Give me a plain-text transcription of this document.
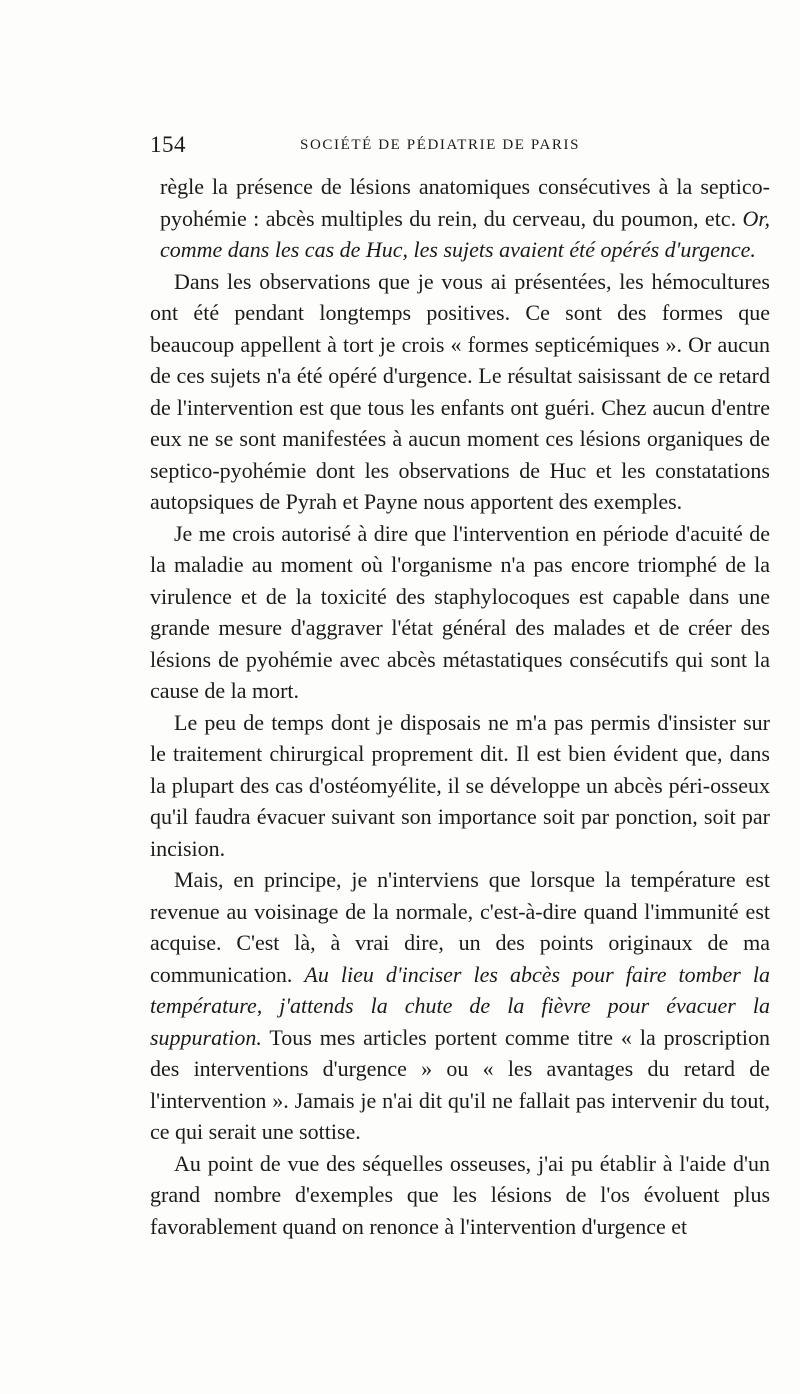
154	SOCIÉTÉ DE PÉDIATRIE DE PARIS

règle la présence de lésions anatomiques consécutives à la septico-pyohémie : abcès multiples du rein, du cerveau, du poumon, etc. Or, comme dans les cas de Huc, les sujets avaient été opérés d'urgence.

Dans les observations que je vous ai présentées, les hémocultures ont été pendant longtemps positives. Ce sont des formes que beaucoup appellent à tort je crois « formes septicémiques ». Or aucun de ces sujets n'a été opéré d'urgence. Le résultat saisissant de ce retard de l'intervention est que tous les enfants ont guéri. Chez aucun d'entre eux ne se sont manifestées à aucun moment ces lésions organiques de septico-pyohémie dont les observations de Huc et les constatations autopsiques de Pyrah et Payne nous apportent des exemples.

Je me crois autorisé à dire que l'intervention en période d'acuité de la maladie au moment où l'organisme n'a pas encore triomphé de la virulence et de la toxicité des staphylocoques est capable dans une grande mesure d'aggraver l'état général des malades et de créer des lésions de pyohémie avec abcès métastatiques consécutifs qui sont la cause de la mort.

Le peu de temps dont je disposais ne m'a pas permis d'insister sur le traitement chirurgical proprement dit. Il est bien évident que, dans la plupart des cas d'ostéomyélite, il se développe un abcès péri-osseux qu'il faudra évacuer suivant son importance soit par ponction, soit par incision.

Mais, en principe, je n'interviens que lorsque la température est revenue au voisinage de la normale, c'est-à-dire quand l'immunité est acquise. C'est là, à vrai dire, un des points originaux de ma communication. Au lieu d'inciser les abcès pour faire tomber la température, j'attends la chute de la fièvre pour évacuer la suppuration. Tous mes articles portent comme titre « la proscription des interventions d'urgence » ou « les avantages du retard de l'intervention ». Jamais je n'ai dit qu'il ne fallait pas intervenir du tout, ce qui serait une sottise.

Au point de vue des séquelles osseuses, j'ai pu établir à l'aide d'un grand nombre d'exemples que les lésions de l'os évoluent plus favorablement quand on renonce à l'intervention d'urgence et
